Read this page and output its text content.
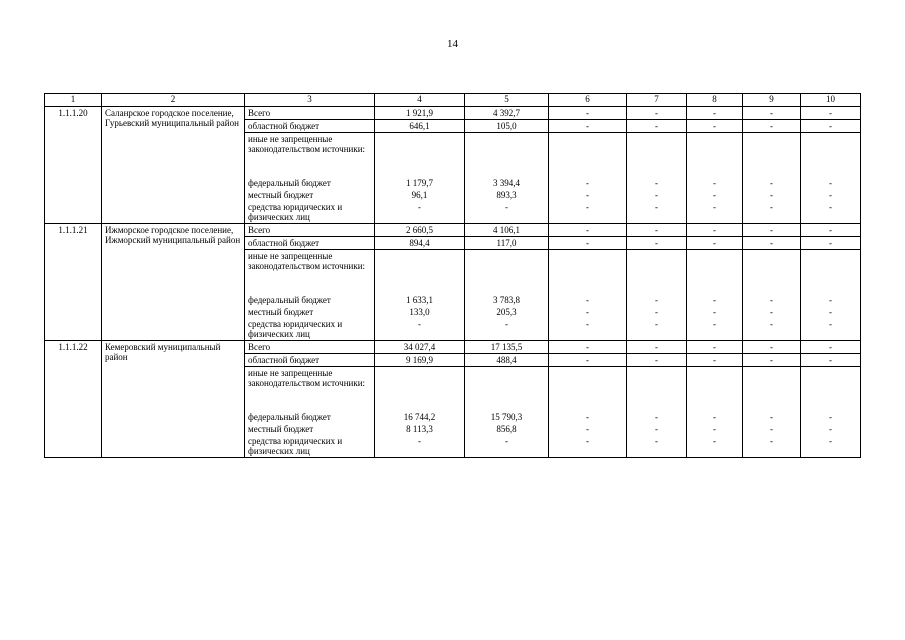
14
1	2	3	4	5	6	7	8	9	10
1.1.1.20	Саланрское городское поселение, Гурьевский муниципальный район	Всего	1 921,9	4 392,7	-	-	-	-	-
		областной бюджет	646,1	105,0	-	-	-	-	-
		иные не запрещенные законодательством источники:							
		федеральный бюджет	1 179,7	3 394,4	-	-	-	-	-
		местный бюджет	96,1	893,3	-	-	-	-	-
		средства юридических и физических лиц	-	-	-	-	-	-	-
1.1.1.21	Ижморское городское поселение, Ижморский муниципальный район	Всего	2 660,5	4 106,1	-	-	-	-	-
		областной бюджет	894,4	117,0	-	-	-	-	-
		иные не запрещенные законодательством источники:							
		федеральный бюджет	1 633,1	3 783,8	-	-	-	-	-
		местный бюджет	133,0	205,3	-	-	-	-	-
		средства юридических и физических лиц	-	-	-	-	-	-	-
1.1.1.22	Кемеровский муниципальный район	Всего	34 027,4	17 135,5	-	-	-	-	-
		областной бюджет	9 169,9	488,4	-	-	-	-	-
		иные не запрещенные законодательством источники:							
		федеральный бюджет	16 744,2	15 790,3	-	-	-	-	-
		местный бюджет	8 113,3	856,8	-	-	-	-	-
		средства юридических и физических лиц	-	-	-	-	-	-	-
